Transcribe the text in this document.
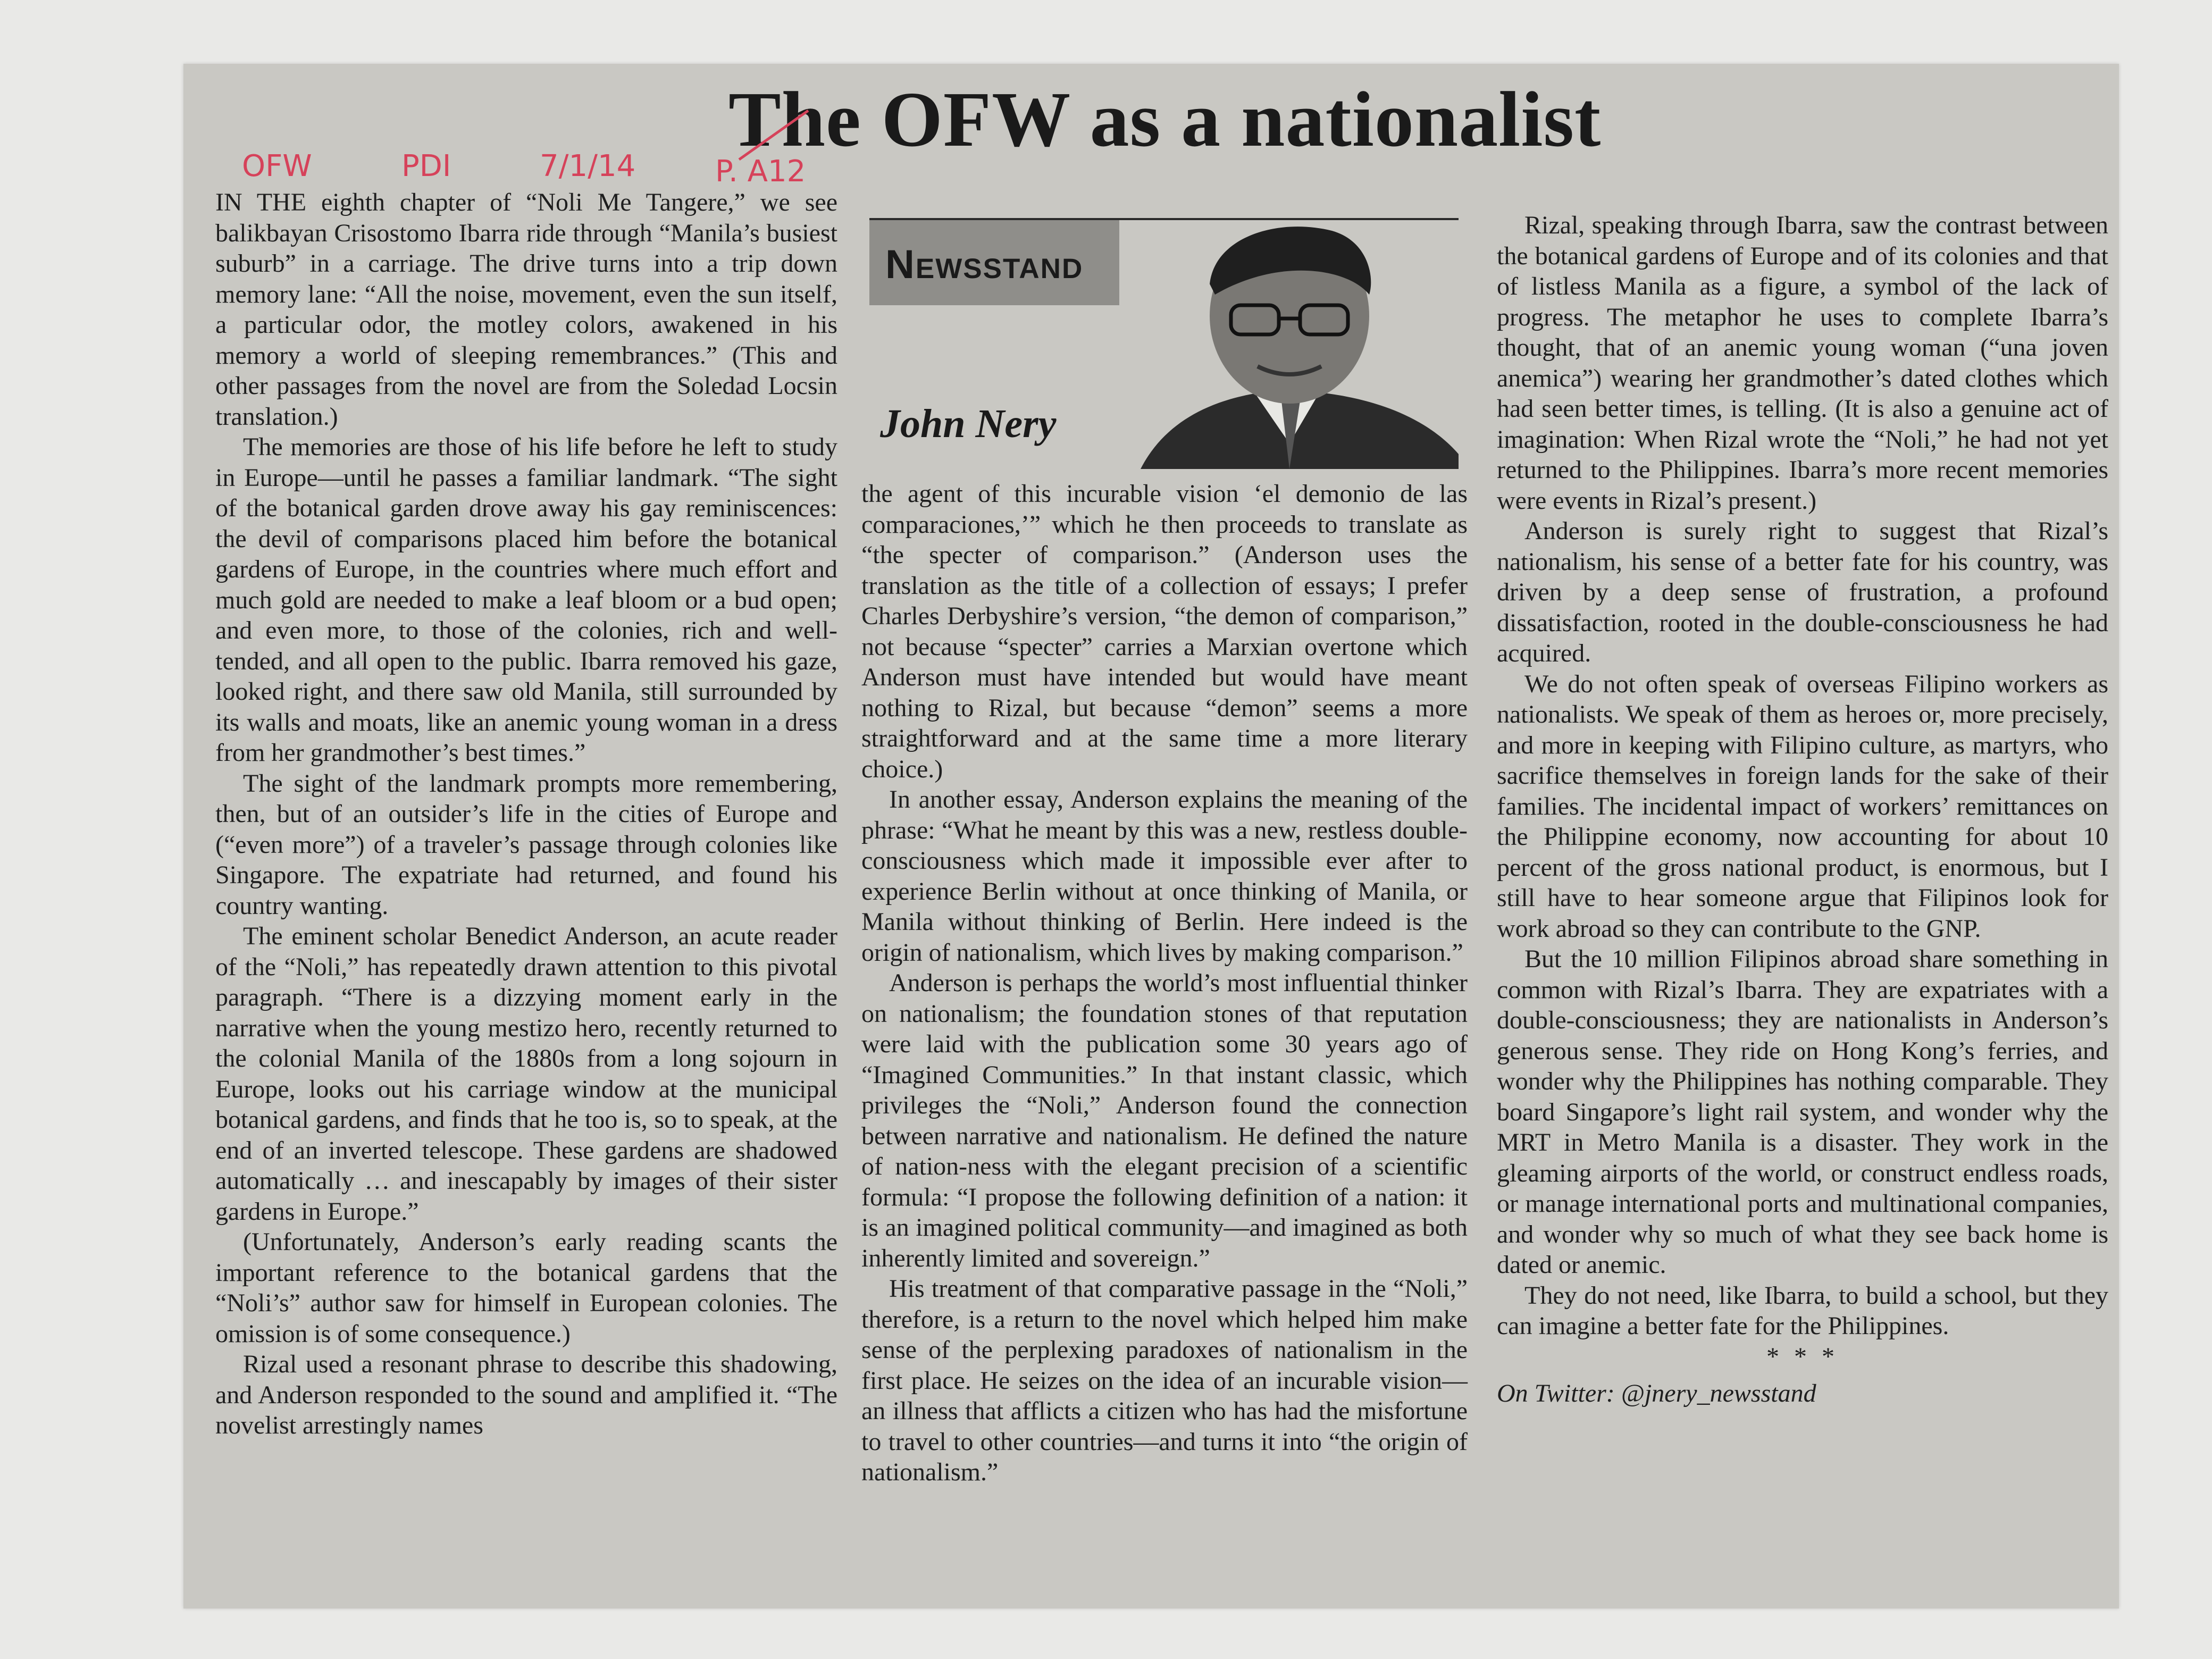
The OFW as a nationalist
OFW	PDI	7/1/14	P. A12

IN THE eighth chapter of “Noli Me Tangere,” we see balikbayan Crisostomo Ibarra ride through “Manila’s busiest suburb” in a carriage. The drive turns into a trip down memory lane: “All the noise, movement, even the sun itself, a particular odor, the motley colors, awakened in his memory a world of sleeping remembrances.” (This and other passages from the novel are from the Soledad Locsin translation.)

The memories are those of his life before he left to study in Europe—until he passes a familiar landmark. “The sight of the botanical garden drove away his gay reminiscences: the devil of comparisons placed him before the botanical gardens of Europe, in the countries where much effort and much gold are needed to make a leaf bloom or a bud open; and even more, to those of the colonies, rich and well-tended, and all open to the public. Ibarra removed his gaze, looked right, and there saw old Manila, still surrounded by its walls and moats, like an anemic young woman in a dress from her grandmother’s best times.”

The sight of the landmark prompts more remembering, then, but of an outsider’s life in the cities of Europe and (“even more”) of a traveler’s passage through colonies like Singapore. The expatriate had returned, and found his country wanting.

The eminent scholar Benedict Anderson, an acute reader of the “Noli,” has repeatedly drawn attention to this pivotal paragraph. “There is a dizzying moment early in the narrative when the young mestizo hero, recently returned to the colonial Manila of the 1880s from a long sojourn in Europe, looks out his carriage window at the municipal botanical gardens, and finds that he too is, so to speak, at the end of an inverted telescope. These gardens are shadowed automatically … and inescapably by images of their sister gardens in Europe.”

(Unfortunately, Anderson’s early reading scants the important reference to the botanical gardens that the “Noli’s” author saw for himself in European colonies. The omission is of some consequence.)

Rizal used a resonant phrase to describe this shadowing, and Anderson responded to the sound and amplified it. “The novelist arrestingly names

Newsstand
John Nery

the agent of this incurable vision ‘el demonio de las comparaciones,’” which he then proceeds to translate as “the specter of comparison.” (Anderson uses the translation as the title of a collection of essays; I prefer Charles Derbyshire’s version, “the demon of comparison,” not because “specter” carries a Marxian overtone which Anderson must have intended but would have meant nothing to Rizal, but because “demon” seems a more straightforward and at the same time a more literary choice.)

In another essay, Anderson explains the meaning of the phrase: “What he meant by this was a new, restless double-consciousness which made it impossible ever after to experience Berlin without at once thinking of Manila, or Manila without thinking of Berlin. Here indeed is the origin of nationalism, which lives by making comparison.”

Anderson is perhaps the world’s most influential thinker on nationalism; the foundation stones of that reputation were laid with the publication some 30 years ago of “Imagined Communities.” In that instant classic, which privileges the “Noli,” Anderson found the connection between narrative and nationalism. He defined the nature of nation-ness with the elegant precision of a scientific formula: “I propose the following definition of a nation: it is an imagined political community—and imagined as both inherently limited and sovereign.”

His treatment of that comparative passage in the “Noli,” therefore, is a return to the novel which helped him make sense of the perplexing paradoxes of nationalism in the first place. He seizes on the idea of an incurable vision—an illness that afflicts a citizen who has had the misfortune to travel to other countries—and turns it into “the origin of nationalism.”

Rizal, speaking through Ibarra, saw the contrast between the botanical gardens of Europe and of its colonies and that of listless Manila as a figure, a symbol of the lack of progress. The metaphor he uses to complete Ibarra’s thought, that of an anemic young woman (“una joven anemica”) wearing her grandmother’s dated clothes which had seen better times, is telling. (It is also a genuine act of imagination: When Rizal wrote the “Noli,” he had not yet returned to the Philippines. Ibarra’s more recent memories were events in Rizal’s present.)

Anderson is surely right to suggest that Rizal’s nationalism, his sense of a better fate for his country, was driven by a deep sense of frustration, a profound dissatisfaction, rooted in the double-consciousness he had acquired.

We do not often speak of overseas Filipino workers as nationalists. We speak of them as heroes or, more precisely, and more in keeping with Filipino culture, as martyrs, who sacrifice themselves in foreign lands for the sake of their families. The incidental impact of workers’ remittances on the Philippine economy, now accounting for about 10 percent of the gross national product, is enormous, but I still have to hear someone argue that Filipinos look for work abroad so they can contribute to the GNP.

But the 10 million Filipinos abroad share something in common with Rizal’s Ibarra. They are expatriates with a double-consciousness; they are nationalists in Anderson’s generous sense. They ride on Hong Kong’s ferries, and wonder why the Philippines has nothing comparable. They board Singapore’s light rail system, and wonder why the MRT in Metro Manila is a disaster. They work in the gleaming airports of the world, or construct endless roads, or manage international ports and multinational companies, and wonder why so much of what they see back home is dated or anemic.

They do not need, like Ibarra, to build a school, but they can imagine a better fate for the Philippines.

* * *

On Twitter: @jnery_newsstand
